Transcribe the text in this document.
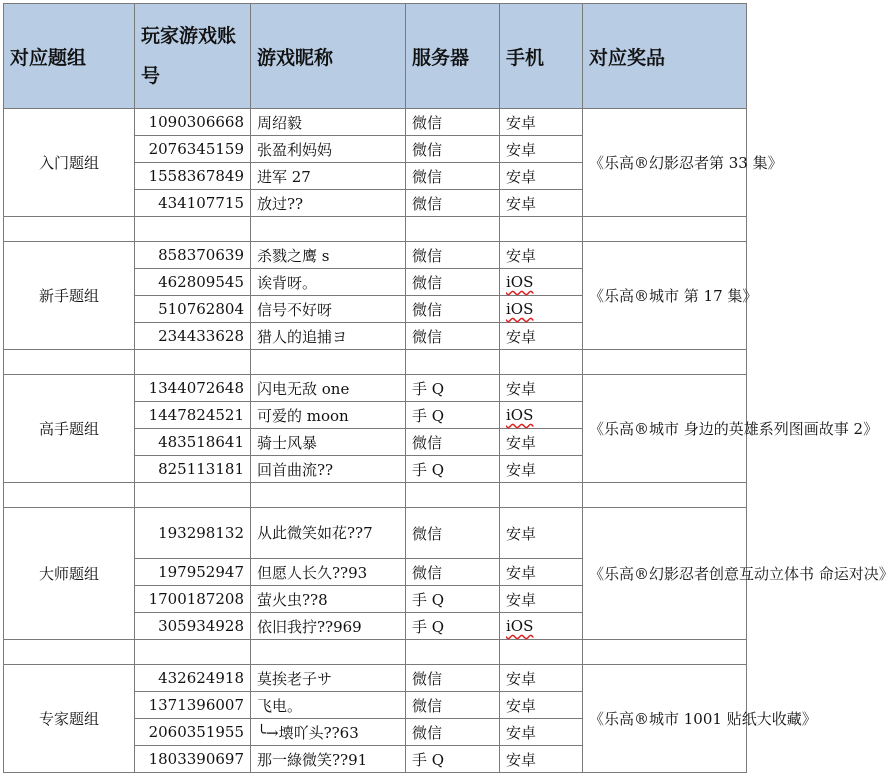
对应题组	玩家游戏账号	游戏昵称	服务器	手机	对应奖品
入门题组	1090306668	周绍毅	微信	安卓	《乐高®幻影忍者第 33 集》
	2076345159	张盈利妈妈	微信	安卓	
	1558367849	进军 27	微信	安卓	
	434107715	放过??	微信	安卓	

新手题组	858370639	杀戮之鹰 s	微信	安卓	《乐高®城市 第 17 集》
	462809545	诶背呀。	微信	iOS	
	510762804	信号不好呀	微信	iOS	
	234433628	猎人的追捕ヨ	微信	安卓	

高手题组	1344072648	闪电无敌 one	手 Q	安卓	《乐高®城市 身边的英雄系列图画故事 2》
	1447824521	可爱的 moon	手 Q	iOS	
	483518641	骑士风暴	微信	安卓	
	825113181	回首曲流??	手 Q	安卓	

大师题组	193298132	从此微笑如花??7	微信	安卓	《乐高®幻影忍者创意互动立体书 命运对决》
	197952947	但愿人长久??93	微信	安卓	
	1700187208	萤火虫??8	手 Q	安卓	
	305934928	依旧我拧??969	手 Q	iOS	

专家题组	432624918	莫挨老子サ	微信	安卓	《乐高®城市 1001 贴纸大收藏》
	1371396007	飞电。	微信	安卓	
	2060351955	╰→壊吖头??63	微信	安卓	
	1803390697	那一綠微笑??91	手 Q	安卓	
